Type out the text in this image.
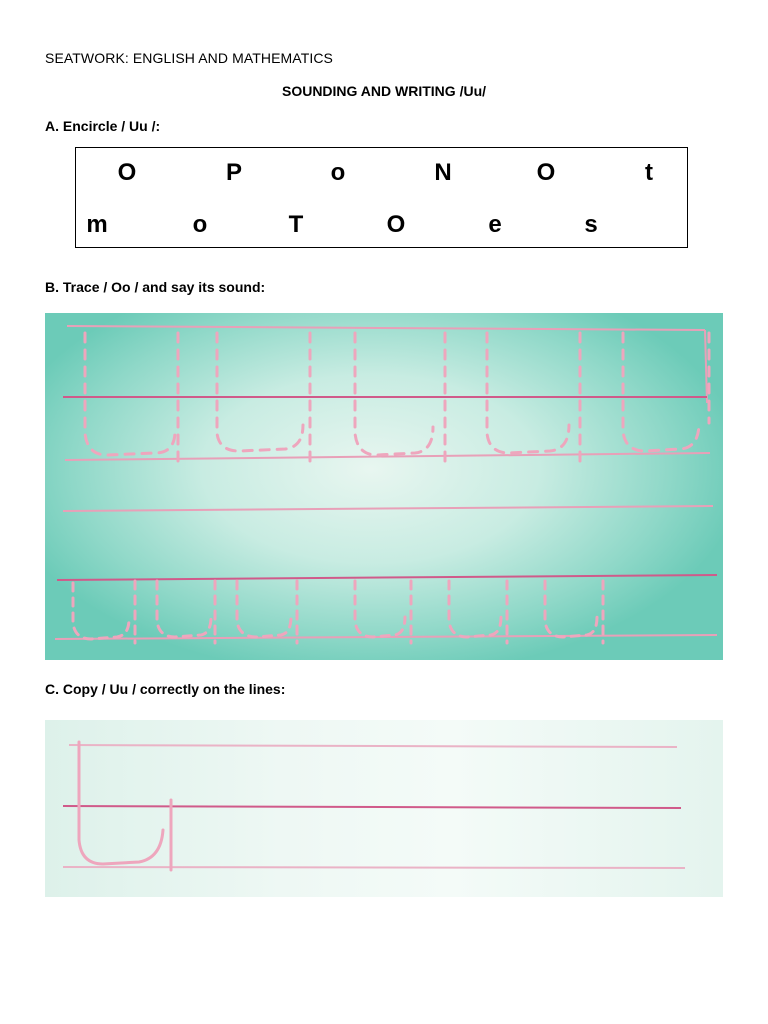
SEATWORK: ENGLISH AND MATHEMATICS
SOUNDING AND WRITING /Uu/
A. Encircle / Uu /:
O	P	o	N	O	t
m	o	T	O	e	s
B. Trace / Oo / and say its sound:
C. Copy / Uu / correctly on the lines:
